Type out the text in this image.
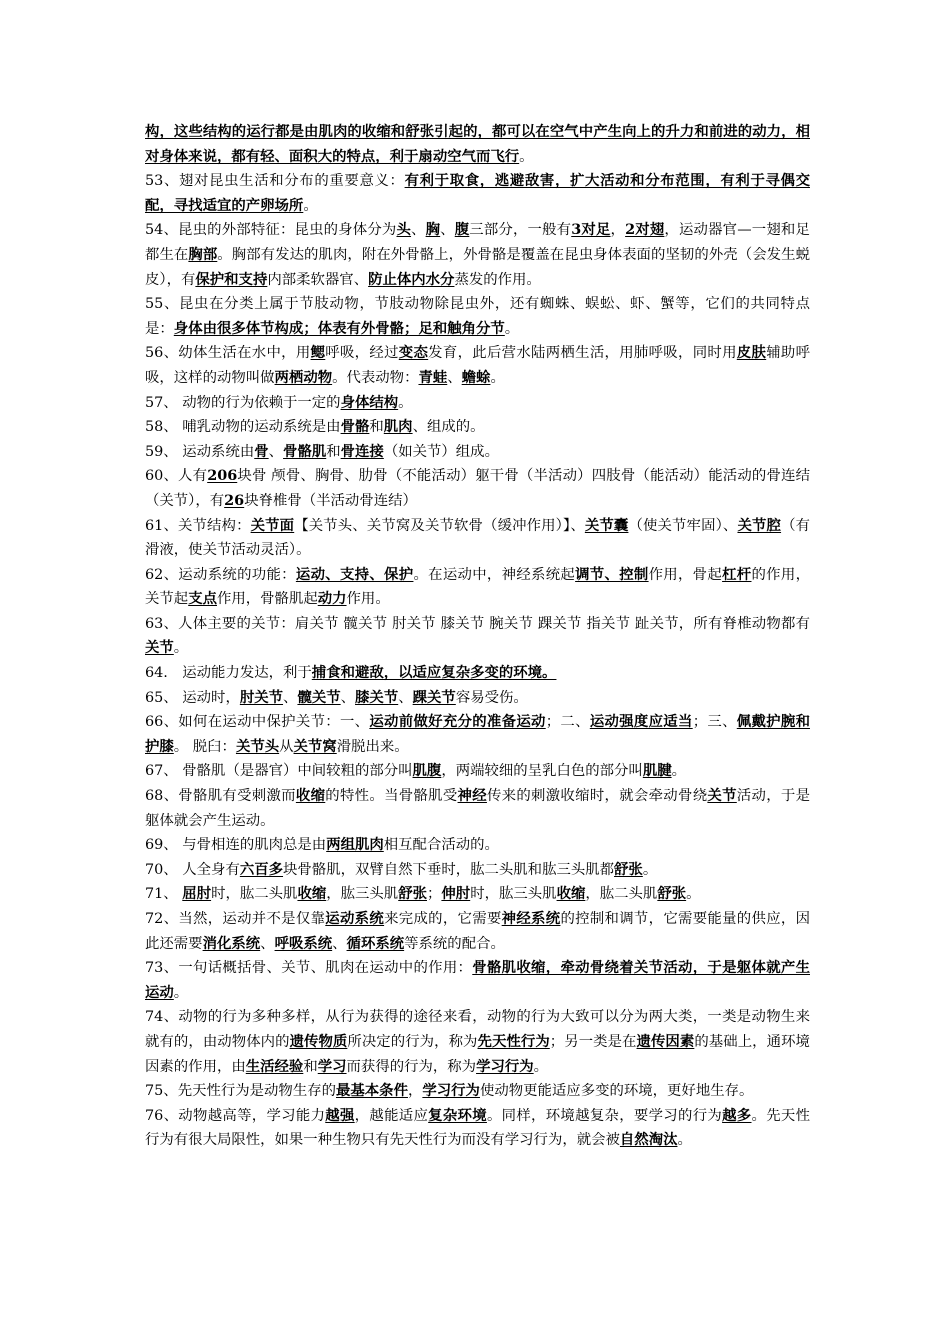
构，这些结构的运行都是由肌肉的收缩和舒张引起的，都可以在空气中产生向上的升力和前进的动力，相对身体来说，都有轻、面积大的特点，利于扇动空气而飞行。

53、翅对昆虫生活和分布的重要意义：有利于取食，逃避敌害，扩大活动和分布范围，有利于寻偶交配，寻找适宜的产卵场所。

54、昆虫的外部特征：昆虫的身体分为头、胸、腹三部分，一般有3对足，2对翅，运动器官—一翅和足都生在胸部。胸部有发达的肌肉，附在外骨骼上，外骨骼是覆盖在昆虫身体表面的坚韧的外壳（会发生蜕皮），有保护和支持内部柔软器官、防止体内水分蒸发的作用。

55、昆虫在分类上属于节肢动物，节肢动物除昆虫外，还有蜘蛛、蜈蚣、虾、蟹等，它们的共同特点是：身体由很多体节构成；体表有外骨骼；足和触角分节。

56、幼体生活在水中，用鳃呼吸，经过变态发育，此后营水陆两栖生活，用肺呼吸，同时用皮肤辅助呼吸，这样的动物叫做两栖动物。代表动物：青蛙、蟾蜍。

57、 动物的行为依赖于一定的身体结构。

58、 哺乳动物的运动系统是由骨骼和肌肉、组成的。

59、 运动系统由骨、骨骼肌和骨连接（如关节）组成。

60、人有206块骨 颅骨、胸骨、肋骨（不能活动）躯干骨（半活动）四肢骨（能活动）能活动的骨连结（关节），有26块脊椎骨（半活动骨连结）

61、关节结构：关节面【关节头、关节窝及关节软骨（缓冲作用）】、关节囊（使关节牢固）、关节腔（有滑液，使关节活动灵活）。

62、运动系统的功能：运动、支持、保护。在运动中，神经系统起调节、控制作用，骨起杠杆的作用，关节起支点作用，骨骼肌起动力作用。

63、人体主要的关节：肩关节 髋关节 肘关节 膝关节 腕关节 踝关节 指关节 趾关节，所有脊椎动物都有关节。

64.　运动能力发达，利于捕食和避敌，以适应复杂多变的环境。

65、 运动时，肘关节、髋关节、膝关节、踝关节容易受伤。

66、如何在运动中保护关节：一、运动前做好充分的准备运动；二、运动强度应适当；三、佩戴护腕和护膝。 脱臼：关节头从关节窝滑脱出来。

67、 骨骼肌（是器官）中间较粗的部分叫肌腹，两端较细的呈乳白色的部分叫肌腱。

68、骨骼肌有受刺激而收缩的特性。当骨骼肌受神经传来的刺激收缩时，就会牵动骨绕关节活动，于是躯体就会产生运动。

69、 与骨相连的肌肉总是由两组肌肉相互配合活动的。

70、 人全身有六百多块骨骼肌，双臂自然下垂时，肱二头肌和肱三头肌都舒张。

71、 屈肘时，肱二头肌收缩，肱三头肌舒张；伸肘时，肱三头肌收缩，肱二头肌舒张。

72、当然，运动并不是仅靠运动系统来完成的，它需要神经系统的控制和调节，它需要能量的供应，因此还需要消化系统、呼吸系统、循环系统等系统的配合。

73、一句话概括骨、关节、肌肉在运动中的作用：骨骼肌收缩，牵动骨绕着关节活动，于是躯体就产生运动。

74、动物的行为多种多样，从行为获得的途径来看，动物的行为大致可以分为两大类，一类是动物生来就有的，由动物体内的遗传物质所决定的行为，称为先天性行为；另一类是在遗传因素的基础上，通环境因素的作用，由生活经验和学习而获得的行为，称为学习行为。

75、先天性行为是动物生存的最基本条件，学习行为使动物更能适应多变的环境，更好地生存。

76、动物越高等，学习能力越强，越能适应复杂环境。同样，环境越复杂，要学习的行为越多。先天性行为有很大局限性，如果一种生物只有先天性行为而没有学习行为，就会被自然淘汰。
